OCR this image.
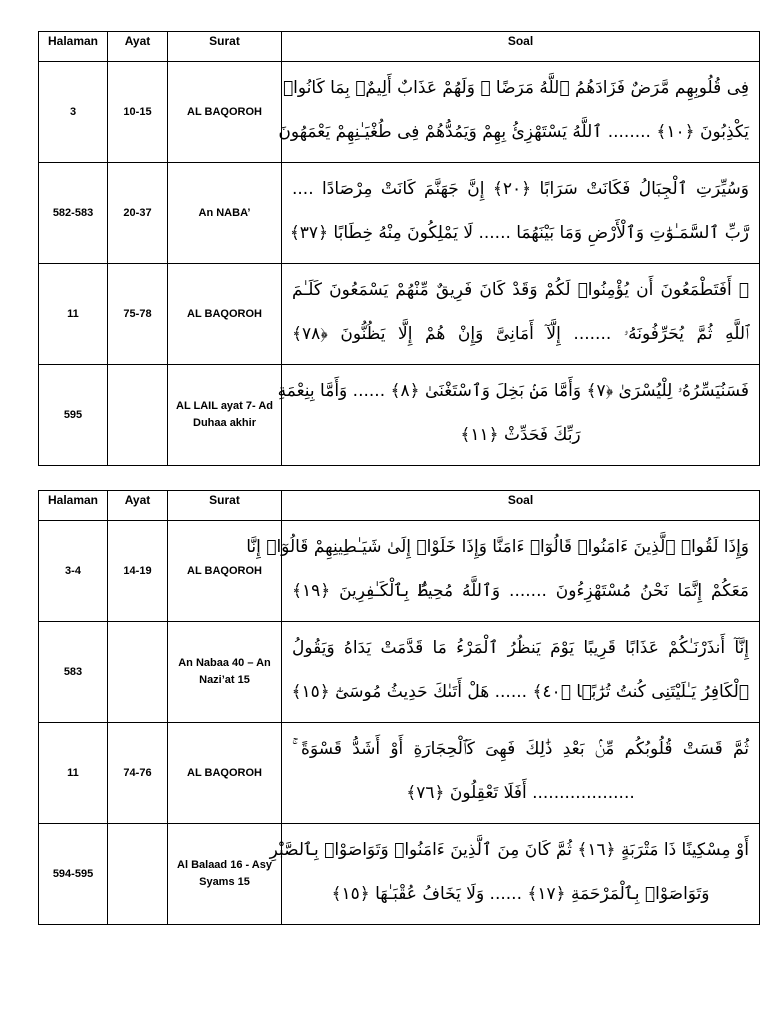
Halaman	Ayat	Surat	Soal
3	10-15	AL BAQOROH	فِى قُلُوبِهِم مَّرَضٌ فَزَادَهُمُ ٱللَّهُ مَرَضًا ۖ وَلَهُمْ عَذَابٌ أَلِيمٌۢ بِمَا كَانُوا۟
يَكْذِبُونَ ﴿١٠﴾ ........ ٱللَّهُ يَسْتَهْزِئُ بِهِمْ وَيَمُدُّهُمْ فِى طُغْيَـٰنِهِمْ يَعْمَهُونَ

582-583	20-37	An NABA’	وَسُيِّرَتِ ٱلْجِبَالُ فَكَانَتْ سَرَابًا ﴿٢٠﴾ إِنَّ جَهَنَّمَ كَانَتْ مِرْصَادًا ....
رَّبِّ ٱلسَّمَـٰوَٰتِ وَٱلْأَرْضِ وَمَا بَيْنَهُمَا ...... لَا يَمْلِكُونَ مِنْهُ خِطَابًا ﴿٣٧﴾

11	75-78	AL BAQOROH	۞ أَفَتَطْمَعُونَ أَن يُؤْمِنُوا۟ لَكُمْ وَقَدْ كَانَ فَرِيقٌ مِّنْهُمْ يَسْمَعُونَ كَلَـٰمَ
ٱللَّهِ ثُمَّ يُحَرِّفُونَهُۥ ....... إِلَّآ أَمَانِىَّ وَإِنْ هُمْ إِلَّا يَظُنُّونَ ﴿٧٨﴾

595		AL LAIL ayat 7- Ad Duhaa akhir	فَسَنُيَسِّرُهُۥ لِلْيُسْرَىٰ ﴿٧﴾ وَأَمَّا مَنۢ بَخِلَ وَٱسْتَغْنَىٰ ﴿٨﴾ ...... وَأَمَّا بِنِعْمَةِ
رَبِّكَ فَحَدِّثْ ﴿١١﴾
Halaman	Ayat	Surat	Soal
3-4	14-19	AL BAQOROH	وَإِذَا لَقُوا۟ ٱلَّذِينَ ءَامَنُوا۟ قَالُوٓا۟ ءَامَنَّا وَإِذَا خَلَوْا۟ إِلَىٰ شَيَـٰطِينِهِمْ قَالُوٓا۟ إِنَّا
مَعَكُمْ إِنَّمَا نَحْنُ مُسْتَهْزِءُونَ ....... وَٱللَّهُ مُحِيطٌۢ بِٱلْكَـٰفِرِينَ ﴿١٩﴾

583		An Nabaa 40 – An Nazi’at 15	إِنَّآ أَنذَرْنَـٰكُمْ عَذَابًا قَرِيبًا يَوْمَ يَنظُرُ ٱلْمَرْءُ مَا قَدَّمَتْ يَدَاهُ وَيَقُولُ
ٱلْكَافِرُ يَـٰلَيْتَنِى كُنتُ تُرَٰبًۢا ﴿٤٠﴾ ...... هَلْ أَتَىٰكَ حَدِيثُ مُوسَىٰٓ ﴿١٥﴾

11	74-76	AL BAQOROH	ثُمَّ قَسَتْ قُلُوبُكُم مِّنۢ بَعْدِ ذَٰلِكَ فَهِىَ كَٱلْحِجَارَةِ أَوْ أَشَدُّ قَسْوَةً ۚ
................... أَفَلَا تَعْقِلُونَ ﴿٧٦﴾

594-595		Al Balaad 16 - Asy Syams 15	أَوْ مِسْكِينًا ذَا مَتْرَبَةٍ ﴿١٦﴾ ثُمَّ كَانَ مِنَ ٱلَّذِينَ ءَامَنُوا۟ وَتَوَاصَوْا۟ بِٱلصَّبْرِ
وَتَوَاصَوْا۟ بِٱلْمَرْحَمَةِ ﴿١٧﴾ ...... وَلَا يَخَافُ عُقْبَـٰهَا ﴿١٥﴾
